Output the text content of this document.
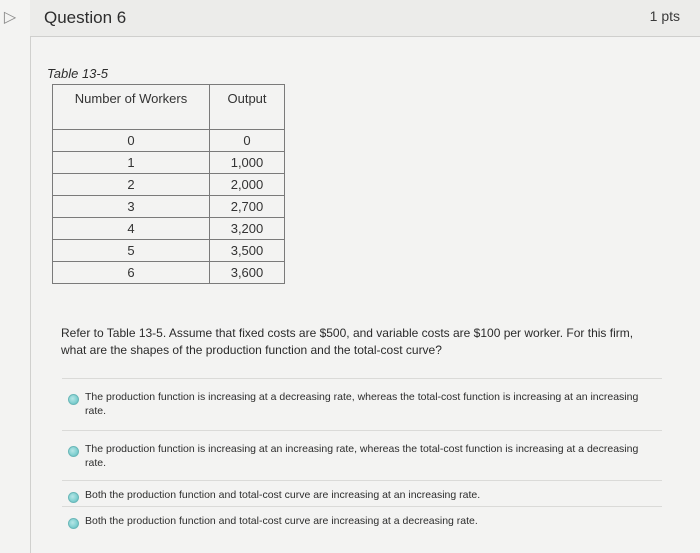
▷ Question 6	1 pts
Table 13-5
Number of Workers	Output
0	0
1	1,000
2	2,000
3	2,700
4	3,200
5	3,500
6	3,600
Refer to Table 13-5. Assume that fixed costs are $500, and variable costs are $100 per worker. For this firm, what are the shapes of the production function and the total-cost curve?
The production function is increasing at a decreasing rate, whereas the total-cost function is increasing at an increasing rate.
The production function is increasing at an increasing rate, whereas the total-cost function is increasing at a decreasing rate.
Both the production function and total-cost curve are increasing at an increasing rate.
Both the production function and total-cost curve are increasing at a decreasing rate.
